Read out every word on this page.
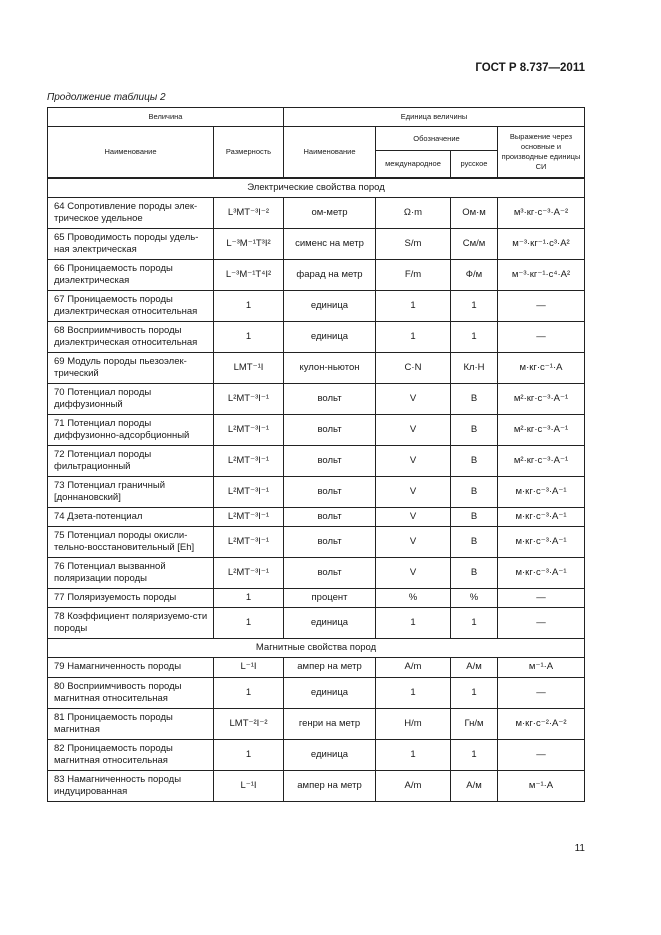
ГОСТ Р 8.737—2011
Продолжение таблицы 2
Величина		Единица величины			
Наименование	Размерность	Наименование	Обозначение		Выражение через основные и производные единицы СИ
			международное	русское	
Электрические свойства пород					
64 Сопротивление породы элек-трическое удельное	L³MT⁻³I⁻²	ом-метр	Ω·m	Ом·м	м³·кг·с⁻³·А⁻²
65 Проводимость породы удель-ная электрическая	L⁻³M⁻¹T³I²	сименс на метр	S/m	См/м	м⁻³·кг⁻¹·с³·А²
66 Проницаемость породы диэлектрическая	L⁻³M⁻¹T⁴I²	фарад на метр	F/m	Ф/м	м⁻³·кг⁻¹·с⁴·А²
67 Проницаемость породы диэлектрическая относительная	1	единица	1	1	—
68 Восприимчивость породы диэлектрическая относительная	1	единица	1	1	—
69 Модуль породы пьезоэлек-трический	LMT⁻¹I	кулон-ньютон	C·N	Кл·Н	м·кг·с⁻¹·А
70 Потенциал породы диффузионный	L²MT⁻³I⁻¹	вольт	V	В	м²·кг·с⁻³·А⁻¹
71 Потенциал породы диффузионно-адсорбционный	L²MT⁻³I⁻¹	вольт	V	В	м²·кг·с⁻³·А⁻¹
72 Потенциал породы фильтрационный	L²MT⁻³I⁻¹	вольт	V	В	м²·кг·с⁻³·А⁻¹
73 Потенциал граничный [доннановский]	L²MT⁻³I⁻¹	вольт	V	В	м·кг·с⁻³·А⁻¹
74 Дзета-потенциал	L²MT⁻³I⁻¹	вольт	V	В	м·кг·с⁻³·А⁻¹
75 Потенциал породы окисли-тельно-восстановительный [Eh]	L²MT⁻³I⁻¹	вольт	V	В	м·кг·с⁻³·А⁻¹
76 Потенциал вызванной поляризации породы	L²MT⁻³I⁻¹	вольт	V	В	м·кг·с⁻³·А⁻¹
77 Поляризуемость породы	1	процент	%	%	—
78 Коэффициент поляризуемо-сти породы	1	единица	1	1	—
Магнитные свойства пород					
79 Намагниченность породы	L⁻¹I	ампер на метр	A/m	А/м	м⁻¹·А
80 Восприимчивость породы магнитная относительная	1	единица	1	1	—
81 Проницаемость породы магнитная	LMT⁻²I⁻²	генри на метр	H/m	Гн/м	м·кг·с⁻²·А⁻²
82 Проницаемость породы магнитная относительная	1	единица	1	1	—
83 Намагниченность породы индуцированная	L⁻¹I	ампер на метр	A/m	А/м	м⁻¹·А
11
